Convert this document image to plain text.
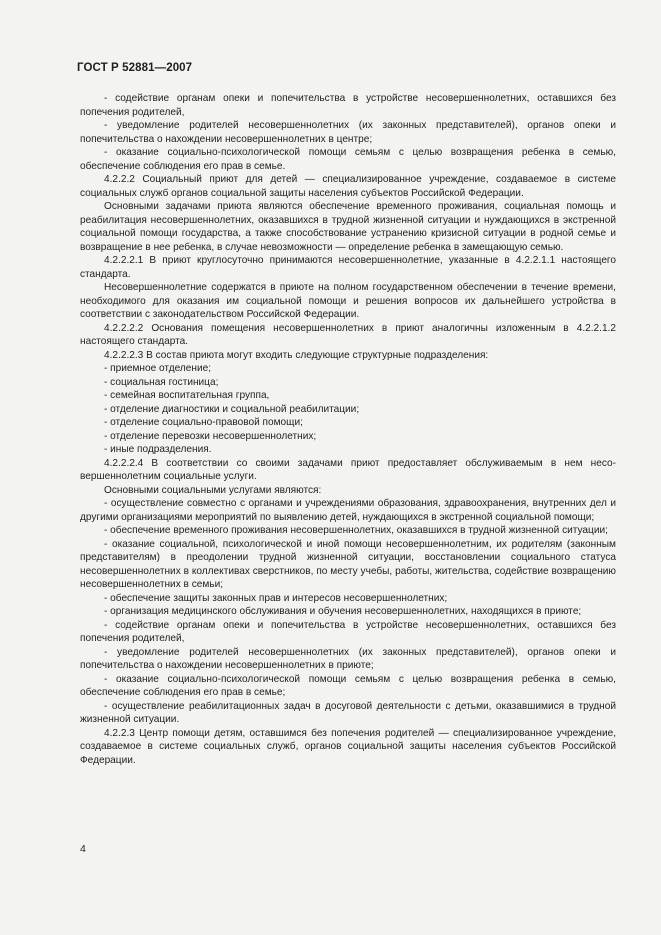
ГОСТ Р 52881—2007

- содействие органам опеки и попечительства в устройстве несовершеннолетних, оставшихся без попечения родителей,

- уведомление родителей несовершеннолетних (их законных представителей), органов опеки и попечительства о нахождении несовершеннолетних в центре;

- оказание социально-психологической помощи семьям с целью возвращения ребенка в семью, обеспечение соблюдения его прав в семье.

4.2.2.2 Социальный приют для детей — специализированное учреждение, создаваемое в системе социальных служб органов социальной защиты населения субъектов Российской Федерации.

Основными задачами приюта являются обеспечение временного проживания, социальная помощь и реабилитация несовершеннолетних, оказавшихся в трудной жизненной ситуации и нуждающихся в экстренной социальной помощи государства, а также способствование устранению кризисной ситуации в родной семье и возвращение в нее ребенка, в случае невозможности — определение ребенка в замещающую семью.

4.2.2.2.1 В приют круглосуточно принимаются несовершеннолетние, указанные в 4.2.2.1.1 настоящего стандарта.

Несовершеннолетние содержатся в приюте на полном государственном обеспечении в течение времени, необходимого для оказания им социальной помощи и решения вопросов их дальнейшего устройства в соответствии с законодательством Российской Федерации.

4.2.2.2.2 Основания помещения несовершеннолетних в приют аналогичны изложенным в 4.2.2.1.2 настоящего стандарта.

4.2.2.2.3 В состав приюта могут входить следующие структурные подразделения:

- приемное отделение;

- социальная гостиница;

- семейная воспитательная группа,

- отделение диагностики и социальной реабилитации;

- отделение социально-правовой помощи;

- отделение перевозки несовершеннолетних;

- иные подразделения.

4.2.2.2.4 В соответствии со своими задачами приют предоставляет обслуживаемым в нем несовершеннолетним социальные услуги.

Основными социальными услугами являются:

- осуществление совместно с органами и учреждениями образования, здравоохранения, внутренних дел и другими организациями мероприятий по выявлению детей, нуждающихся в экстренной социальной помощи;

- обеспечение временного проживания несовершеннолетних, оказавшихся в трудной жизненной ситуации;

- оказание социальной, психологической и иной помощи несовершеннолетним, их родителям (законным представителям) в преодолении трудной жизненной ситуации, восстановлении социального статуса несовершеннолетних в коллективах сверстников, по месту учебы, работы, жительства, содействие возвращению несовершеннолетних в семьи;

- обеспечение защиты законных прав и интересов несовершеннолетних;

- организация медицинского обслуживания и обучения несовершеннолетних, находящихся в приюте;

- содействие органам опеки и попечительства в устройстве несовершеннолетних, оставшихся без попечения родителей,

- уведомление родителей несовершеннолетних (их законных представителей), органов опеки и попечительства о нахождении несовершеннолетних в приюте;

- оказание социально-психологической помощи семьям с целью возвращения ребенка в семью, обеспечение соблюдения его прав в семье;

- осуществление реабилитационных задач в досуговой деятельности с детьми, оказавшимися в трудной жизненной ситуации.

4.2.2.3 Центр помощи детям, оставшимся без попечения родителей — специализированное учреждение, создаваемое в системе социальных служб, органов социальной защиты населения субъектов Российской Федерации.

4
